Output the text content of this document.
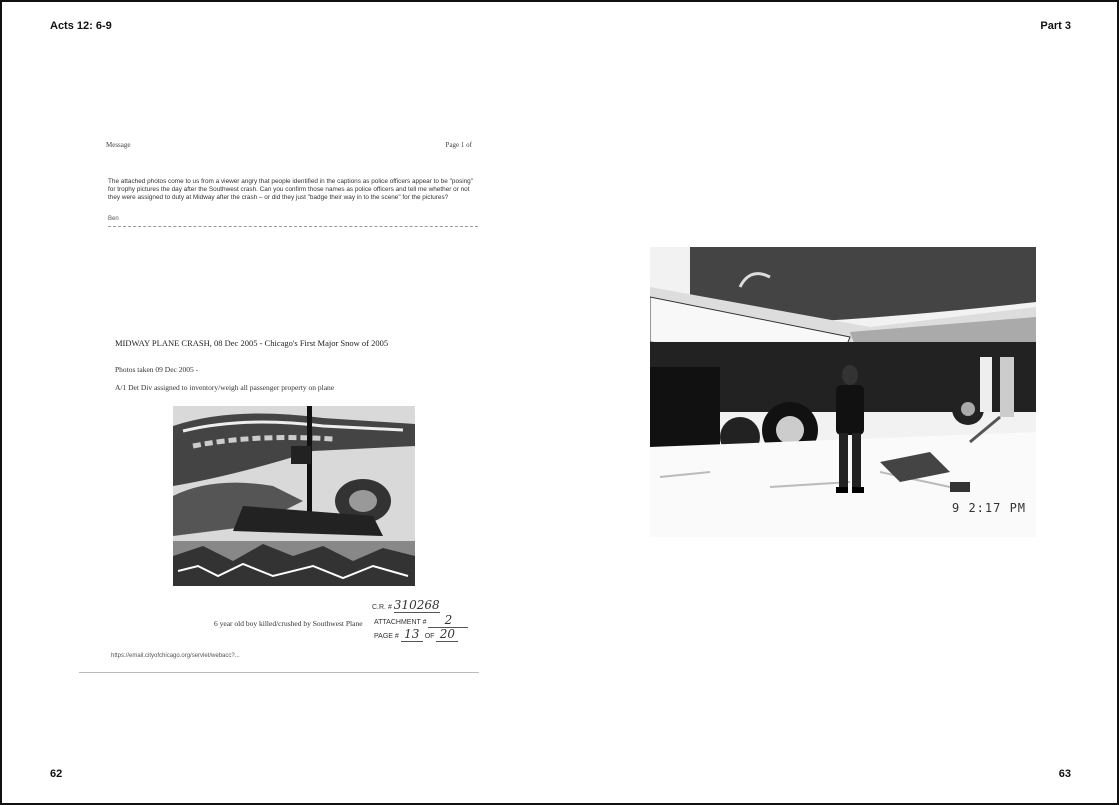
Acts 12: 6-9	Part 3
Message	Page 1 of
The attached photos come to us from a viewer angry that people identified in the captions as police officers appear to be "posing" for trophy pictures the day after the Southwest crash. Can you confirm those names as police officers and tell me whether or not they were assigned to duty at Midway after the crash – or did they just "badge their way in to the scene" for the pictures?
Ben
MIDWAY PLANE CRASH, 08 Dec 2005 - Chicago's First Major Snow of 2005
Photos taken 09 Dec 2005 -
A/1 Det Div assigned to inventory/weigh all passenger property on plane
C.R. # 310268
6 year old boy killed/crushed by Southwest Plane ATTACHMENT # 2
PAGE # 13 OF 20
https://email.cityofchicago.org/servlet/webacc?...
9 2:17 PM
62	63
